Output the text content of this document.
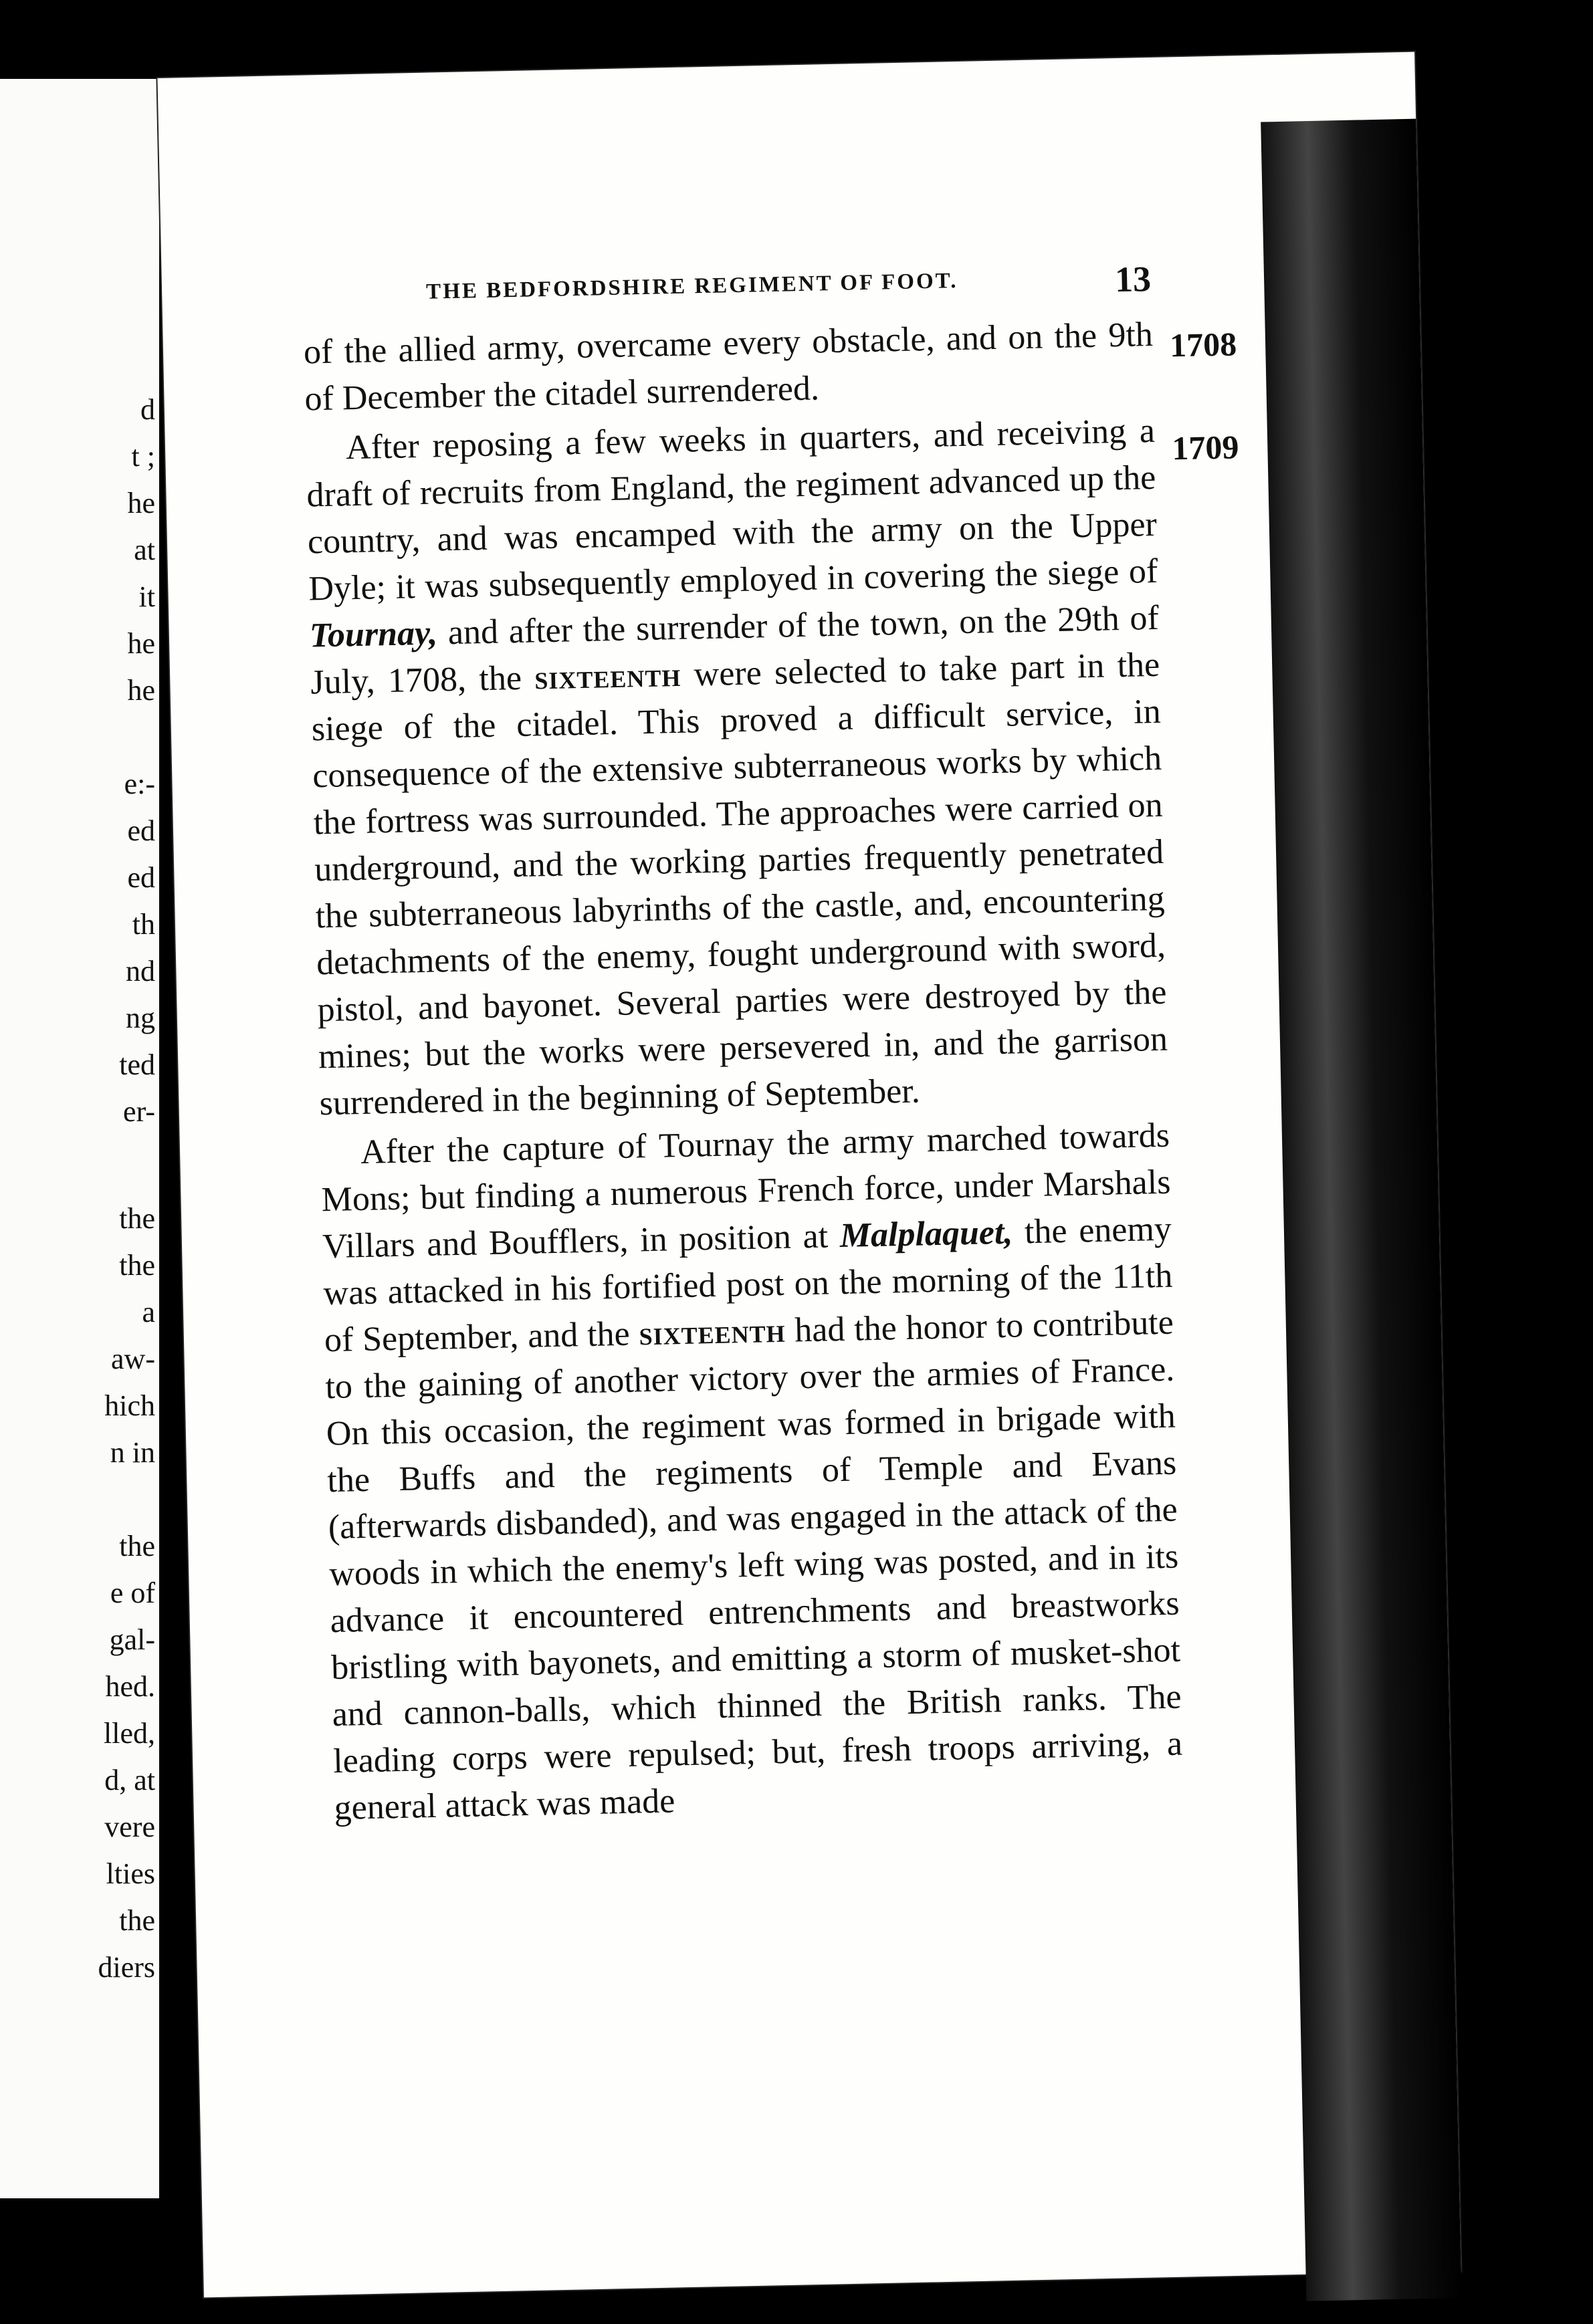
d

t ;

he

at

it

he

he

e:-

ed

ed

th

nd

ng

ted

er-

the

the

a

aw-

hich

n in

the

e of

gal-

hed.

lled,

d, at

vere

lties

the

diers

THE BEDFORDSHIRE REGIMENT OF FOOT.	13
1708
1709

of the allied army, overcame every obstacle, and on the 9th of December the citadel surrendered.

After reposing a few weeks in quarters, and receiving a draft of recruits from England, the regiment advanced up the country, and was encamped with the army on the Upper Dyle; it was subsequently employed in covering the siege of Tournay, and after the surrender of the town, on the 29th of July, 1708, the sixteenth were selected to take part in the siege of the citadel. This proved a difficult service, in consequence of the extensive subterraneous works by which the fortress was surrounded. The approaches were carried on underground, and the working parties frequently penetrated the subterraneous labyrinths of the castle, and, encountering detachments of the enemy, fought underground with sword, pistol, and bayonet. Several parties were destroyed by the mines; but the works were persevered in, and the garrison surrendered in the beginning of September.

After the capture of Tournay the army marched towards Mons; but finding a numerous French force, under Marshals Villars and Boufflers, in position at Malplaquet, the enemy was attacked in his fortified post on the morning of the 11th of September, and the sixteenth had the honor to contribute to the gaining of another victory over the armies of France. On this occasion, the regiment was formed in brigade with the Buffs and the regiments of Temple and Evans (afterwards disbanded), and was engaged in the attack of the woods in which the enemy's left wing was posted, and in its advance it encountered entrenchments and breastworks bristling with bayonets, and emitting a storm of musket-shot and cannon-balls, which thinned the British ranks. The leading corps were repulsed; but, fresh troops arriving, a general attack was made
